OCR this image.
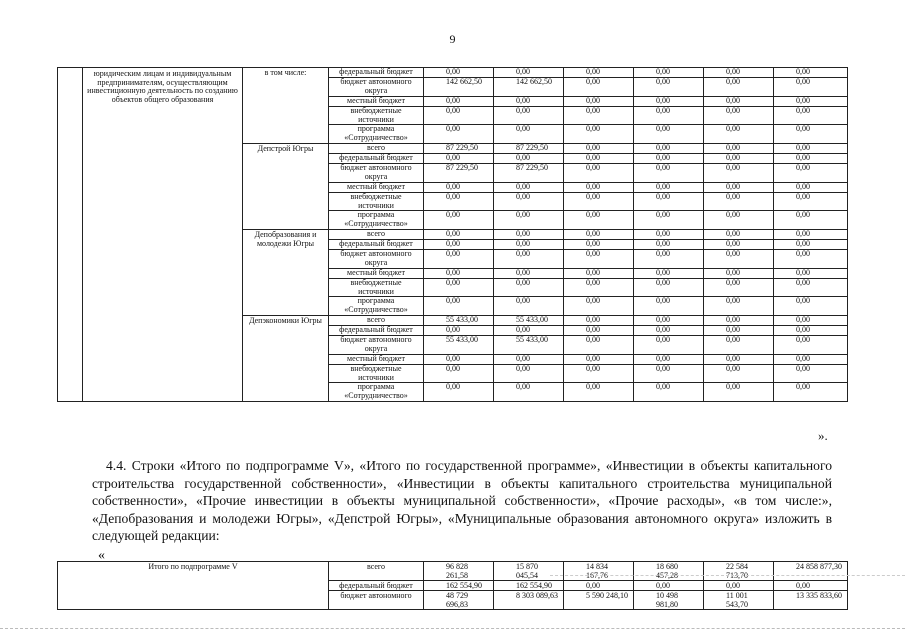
9
	юридическим лицам и индивидуальным предпринимателям, осуществляющим инвестиционную деятельность по созданию объектов общего образования	в том числе:	федеральный бюджет	0,00	0,00	0,00	0,00	0,00	0,00
			бюджет автономного округа	142 662,50	142 662,50	0,00	0,00	0,00	0,00
			местный бюджет	0,00	0,00	0,00	0,00	0,00	0,00
			внебюджетные источники	0,00	0,00	0,00	0,00	0,00	0,00
			программа «Сотрудничество»	0,00	0,00	0,00	0,00	0,00	0,00
		Депстрой Югры	всего	87 229,50	87 229,50	0,00	0,00	0,00	0,00
			федеральный бюджет	0,00	0,00	0,00	0,00	0,00	0,00
			бюджет автономного округа	87 229,50	87 229,50	0,00	0,00	0,00	0,00
			местный бюджет	0,00	0,00	0,00	0,00	0,00	0,00
			внебюджетные источники	0,00	0,00	0,00	0,00	0,00	0,00
			программа «Сотрудничество»	0,00	0,00	0,00	0,00	0,00	0,00
		Депобразования и молодежи Югры	всего	0,00	0,00	0,00	0,00	0,00	0,00
			федеральный бюджет	0,00	0,00	0,00	0,00	0,00	0,00
			бюджет автономного округа	0,00	0,00	0,00	0,00	0,00	0,00
			местный бюджет	0,00	0,00	0,00	0,00	0,00	0,00
			внебюджетные источники	0,00	0,00	0,00	0,00	0,00	0,00
			программа «Сотрудничество»	0,00	0,00	0,00	0,00	0,00	0,00
		Депэкономики Югры	всего	55 433,00	55 433,00	0,00	0,00	0,00	0,00
			федеральный бюджет	0,00	0,00	0,00	0,00	0,00	0,00
			бюджет автономного округа	55 433,00	55 433,00	0,00	0,00	0,00	0,00
			местный бюджет	0,00	0,00	0,00	0,00	0,00	0,00
			внебюджетные источники	0,00	0,00	0,00	0,00	0,00	0,00
			программа «Сотрудничество»	0,00	0,00	0,00	0,00	0,00	0,00
».
4.4. Строки «Итого по подпрограмме V», «Итого по государственной программе», «Инвестиции в объекты капитального строительства государственной собственности», «Инвестиции в объекты капитального строительства муниципальной собственности», «Прочие инвестиции в объекты муниципальной собственности», «Прочие расходы», «в том числе:», «Депобразования и молодежи Югры», «Депстрой Югры», «Муниципальные образования автономного округа» изложить в следующей редакции:
«
Итого по подпрограмме V	всего	96 828 261,58	15 870 045,54	14 834 167,76	18 680 457,28	22 584 713,70	24 858 877,30
	федеральный бюджет	162 554,90	162 554,90	0,00	0,00	0,00	0,00
	бюджет автономного	48 729 696,83	8 303 089,63	5 590 248,10	10 498 981,80	11 001 543,70	13 335 833,60
